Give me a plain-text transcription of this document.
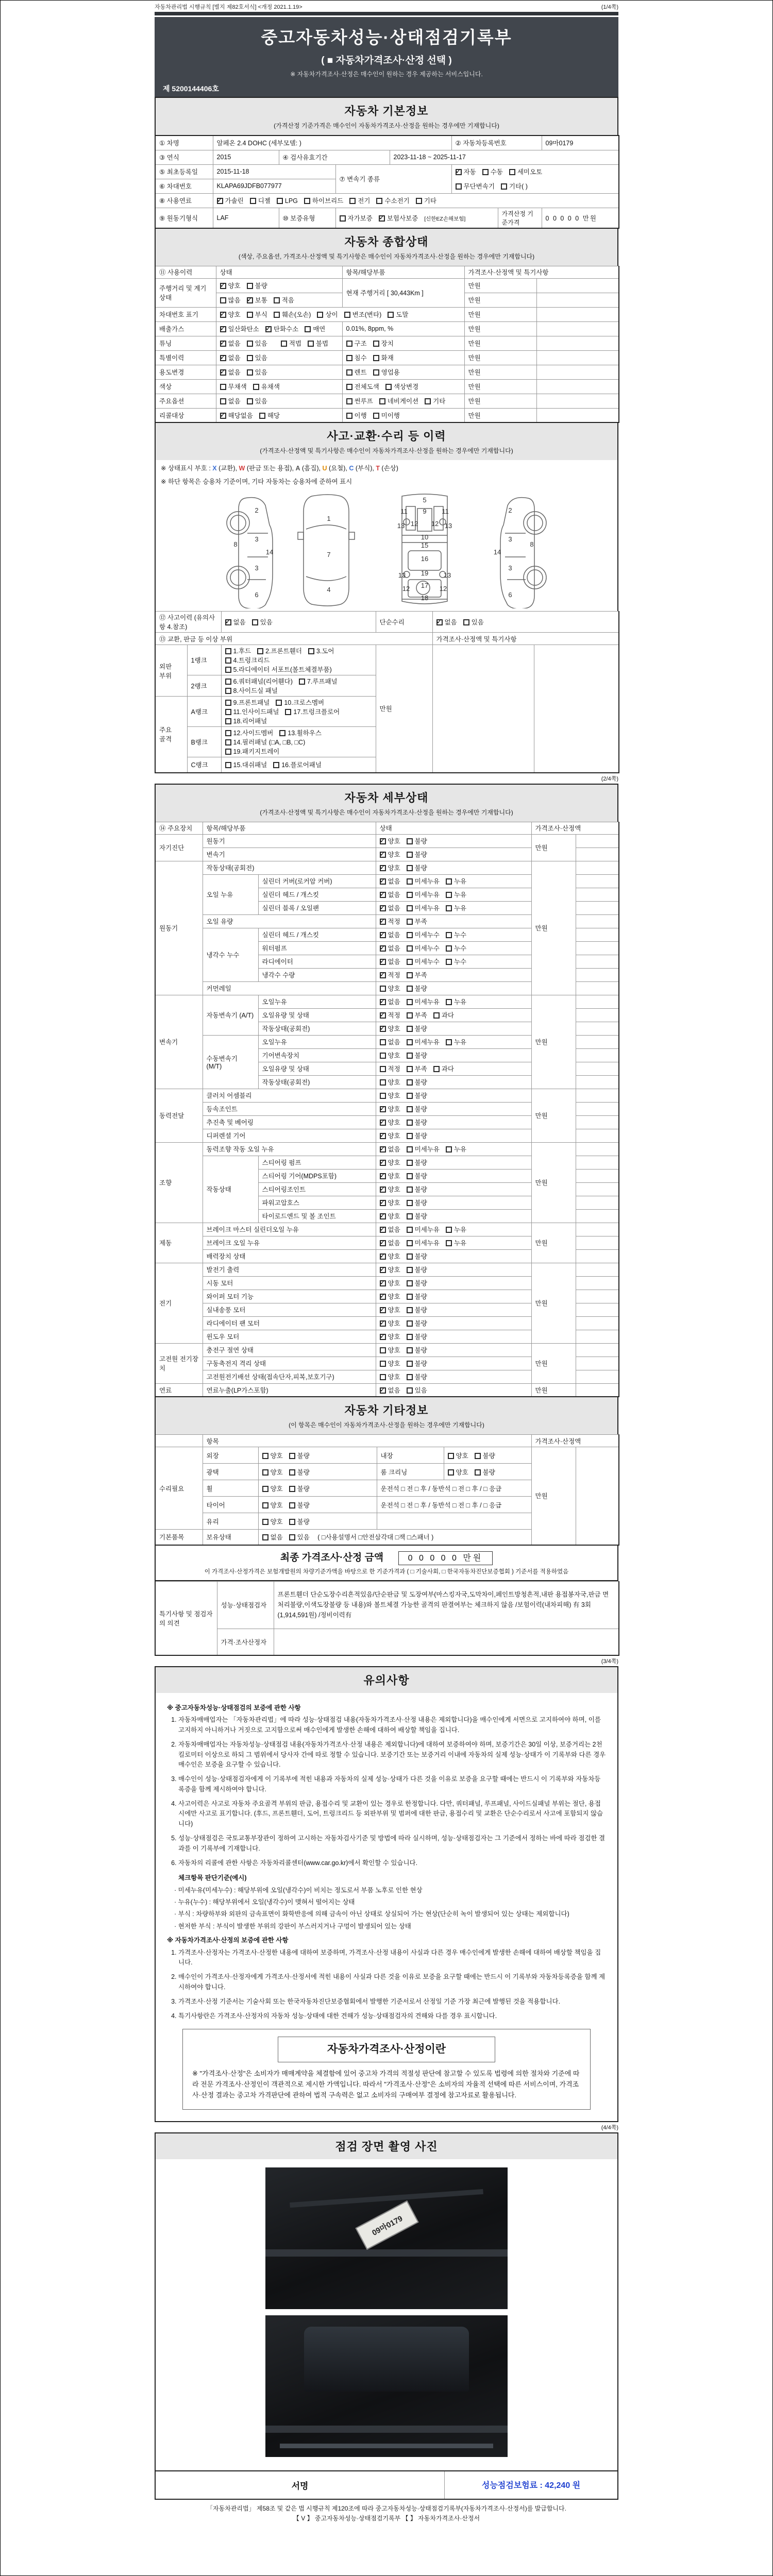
자동차관리법 시행규칙 [별지 제82호서식] <개정 2021.1.19>	(1/4쪽)
중고자동차성능·상태점검기록부
( ■ 자동차가격조사·산정 선택 )
※ 자동차가격조사·산정은 매수인이 원하는 경우 제공하는 서비스입니다.
제 5200144406호
자동차 기본정보
(가격산정 기준가격은 매수인이 자동차가격조사·산정을 원하는 경우에만 기재합니다)
① 차명	알페온 2.4 DOHC (세부모델: )				② 자동차등록번호		09마0179
③ 연식	2015	④ 검사유효기간		2023-11-18 ~ 2025-11-17			
⑤ 최초등록일	2015-11-18		⑦ 변속기 종류	✓자동 수동 세미오토
⑥ 차대번호	KLAPA69JDFB077977				무단변속기 기타( )		
⑧ 사용연료	✓가솔린 디젤 LPG 하이브리드 전기 수소전기 기타
⑨ 원동기형식	LAF	⑩ 보증유형	자가보증 ✓ 보험사보증 [신한EZ손해보험]			가격산정 기준가격	0 0 0 0 0 만원
자동차 종합상태
(색상, 주요옵션, 가격조사·산정액 및 특기사항은 매수인이 자동차가격조사·산정을 원하는 경우에만 기재합니다)
⑪ 사용이력	상태	항목/해당부품	가격조사·산정액 및 특기사항	
주행거리 및 계기상태	✓양호 불량	현재 주행거리 [ 30,443Km ]	만원	
	많음 ✓ 보통 적음		만원	
차대번호 표기	✓양호 부식 훼손(오손) 상이 변조(변타) 도말		만원	
배출가스	✓일산화탄소 ✓ 탄화수소 매연	0.01%, 8ppm, %	만원	
튜닝	✓없음 있음 적법 불법	구조 장치	만원	
특별이력	✓없음 있음	침수 화재	만원	
용도변경	✓없음 있음	렌트 영업용	만원	
색상	무채색 유채색	전체도색 색상변경	만원	
주요옵션	없음 있음	썬루프 네비게이션 기타	만원	
리콜대상	✓해당없음 해당	이행 미이행	만원	
사고·교환·수리 등 이력
(가격조사·산정액 및 특기사항은 매수인이 자동차가격조사·산정을 원하는 경우에만 기재합니다)
※ 상태표시 부호 : X (교환), W (판금 또는 용접), A (흠집), U (요철), C (부식), T (손상)
※ 하단 항목은 승용차 기준이며, 기타 자동차는 승용차에 준하여 표시
2
8
3
14
3
6
1
7
4
5
11 9 11
13 12 12 13
10
15
16
13 19 13
12 17 12
18
2
3
8
14
3
6
⑫ 사고이력 (유의사항 4.참조)	✓없음 있음	단순수리	✓없음 있음
⑬ 교환, 판금 등 이상 부위				가격조사·산정액 및 특기사항
외판
부위	1랭크	1.후드 2.프론트휀더 3.도어4.트렁크리드5.라디에이터 서포트(볼트체결부품)	만원	
	2랭크	6.쿼터패널(리어휀다) 7.루프패널8.사이드실 패널		
주요
골격	A랭크	9.프론트패널 10.크로스멤버11.인사이드패널 17.트렁크플로어18.리어패널		
	B랭크	12.사이드멤버 13.휠하우스14.필러패널 (□A, □B, □C)19.패키지트레이		
	C랭크	15.대쉬패널 16.플로어패널		
(2/4쪽)
자동차 세부상태
(가격조사·산정액 및 특기사항은 매수인이 자동차가격조사·산정을 원하는 경우에만 기재합니다)
⑭ 주요장치	항목/해당부품		상태	가격조사·산정액	
자기진단	원동기	✓양호 불량	만원	
	변속기	✓양호 불량	
원동기	작동상태(공회전)	✓양호 불량	만원	
	오일 누유	실린더 커버(로커암 커버)	✓없음 미세누유 누유	
		실린더 헤드 / 개스킷	✓없음 미세누유 누유	
		실린더 블록 / 오일팬	✓없음 미세누유 누유	
	오일 유량	✓적정 부족	
	냉각수 누수	실린더 헤드 / 개스킷	✓없음 미세누수 누수	
		워터펌프	✓없음 미세누수 누수	
		라디에이터	✓없음 미세누수 누수	
		냉각수 수량	✓적정 부족	
	커먼레일		양호 불량		
변속기	자동변속기 (A/T)	오일누유	✓없음 미세누유 누유	만원	
		오일유량 및 상태	✓적정 부족 과다	
		작동상태(공회전)	✓양호 불량	
	수동변속기 (M/T)	오일누유	없음 미세누유 누유		
		기어변속장치	양호 불량		
		오일유량 및 상태	적정 부족 과다		
		작동상태(공회전)	양호 불량		
동력전달	클러치 어셈블리		양호 불량	만원	
	등속조인트	✓양호 불량	
	추진축 및 베어링	✓양호 불량	
	디퍼렌셜 기어	✓양호 불량	
조향	동력조향 작동 오일 누유	✓없음 미세누유 누유	만원	
	작동상태	스티어링 펌프	✓양호 불량	
		스티어링 기어(MDPS포함)	✓양호 불량	
		스티어링조인트	✓양호 불량	
		파워고압호스	✓양호 불량	
		타이로드엔드 및 볼 조인트	✓양호 불량	
제동	브레이크 마스터 실린더오일 누유	✓없음 미세누유 누유	만원	
	브레이크 오일 누유	✓없음 미세누유 누유	
	배력장치 상태	✓양호 불량	
전기	발전기 출력	✓양호 불량	만원	
	시동 모터	✓양호 불량	
	와이퍼 모터 기능	✓양호 불량	
	실내송풍 모터	✓양호 불량	
	라디에이터 팬 모터	✓양호 불량	
	윈도우 모터	✓양호 불량	
고전원 전기장치	충전구 절연 상태		양호 불량	만원	
	구동축전지 격리 상태		양호 불량		
	고전원전기배선 상태(접속단자,피복,보호기구)		양호 불량		
연료	연료누출(LP가스포함)	✓없음 있음	만원	
자동차 기타정보
(이 항목은 매수인이 자동차가격조사·산정을 원하는 경우에만 기재합니다)
	항목				가격조사·산정액	
수리필요	외장	양호 불량	내장	양호 불량	만원	
	광택	양호 불량	룸 크리닝	양호 불량		
	휠	양호 불량	운전석 □ 전 □ 후 / 동반석 □ 전 □ 후 / □ 응급			
	타이어	양호 불량	운전석 □ 전 □ 후 / 동반석 □ 전 □ 후 / □ 응급			
	유리	양호 불량				
기본품목	보유상태	없음 있음 ( □사용설명서 □안전삼각대 □잭 □스패너 )				
최종 가격조사·산정 금액	0 0 0 0 0 만원
이 가격조사·산정가격은 보험개발원의 차량기준가액을 바탕으로 한 기준가격과 ( □ 기술사회, □ 한국자동차진단보증협회 ) 기준서를 적용하였음
특기사항 및 점검자의 의견	성능·상태점검자	프론트휀더 단순도장수리흔적있음/단순판금 및 도장여부(마스킹자국,도막차이,페인트방청흔적,내판 용접봉자국,판금 면처리불량,이색도장불량 등 내용)와 볼트체결 가능한 골격의 판결여부는 체크하지 않음 /보험이력(내차피해) 有 3회 (1,914,591원) /정비이력有
	가격·조사산정자	
(3/4쪽)
유의사항
※ 중고자동차성능·상태점검의 보증에 관한 사항
1. 자동차매매업자는 「자동차관리법」에 따라 성능·상태점검 내용(자동차가격조사·산정 내용은 제외합니다)을 매수인에게 서면으로 고지하여야 하며, 이를 고지하지 아니하거나 거짓으로 고지함으로써 매수인에게 발생한 손해에 대하여 배상할 책임을 집니다.
2. 자동차매매업자는 자동차성능·상태점검 내용(자동차가격조사·산정 내용은 제외합니다)에 대하여 보증하여야 하며, 보증기간은 30일 이상, 보증거리는 2천킬로미터 이상으로 하되 그 범위에서 당사자 간에 따로 정할 수 있습니다. 보증기간 또는 보증거리 이내에 자동차의 실제 성능·상태가 이 기록부와 다른 경우 매수인은 보증을 요구할 수 있습니다.
3. 매수인이 성능·상태점검자에게 이 기록부에 적힌 내용과 자동차의 실제 성능·상태가 다른 것을 이유로 보증을 요구할 때에는 반드시 이 기록부와 자동차등록증을 함께 제시하여야 합니다.
4. 사고이력은 사고로 자동차 주요골격 부위의 판금, 용접수리 및 교환이 있는 경우로 한정합니다. 다만, 쿼터패널, 루프패널, 사이드실패널 부위는 절단, 용접 시에만 사고로 표기합니다. (후드, 프론트휀더, 도어, 트렁크리드 등 외판부위 및 범퍼에 대한 판금, 용접수리 및 교환은 단순수리로서 사고에 포함되지 않습니다)
5. 성능·상태점검은 국토교통부장관이 정하여 고시하는 자동차검사기준 및 방법에 따라 실시하며, 성능·상태점검자는 그 기준에서 정하는 바에 따라 점검한 결과를 이 기록부에 기재합니다.
6. 자동차의 리콜에 관한 사항은 자동차리콜센터(www.car.go.kr)에서 확인할 수 있습니다.
체크항목 판단기준(예시)
· 미세누유(미세누수) : 해당부위에 오일(냉각수)이 비치는 정도로서 부품 노후로 인한 현상
· 누유(누수) : 해당부위에서 오일(냉각수)이 맺혀서 떨어지는 상태
· 부식 : 차량하부와 외판의 금속표면이 화학반응에 의해 금속이 아닌 상태로 상실되어 가는 현상(단순히 녹이 발생되어 있는 상태는 제외합니다)
· 현저한 부식 : 부식이 발생한 부위의 강판이 부스러지거나 구멍이 발생되어 있는 상태
※ 자동차가격조사·산정의 보증에 관한 사항
1. 가격조사·산정자는 가격조사·산정한 내용에 대하여 보증하며, 가격조사·산정 내용이 사실과 다른 경우 매수인에게 발생한 손해에 대하여 배상할 책임을 집니다.
2. 매수인이 가격조사·산정자에게 가격조사·산정서에 적힌 내용이 사실과 다른 것을 이유로 보증을 요구할 때에는 반드시 이 기록부와 자동차등록증을 함께 제시하여야 합니다.
3. 가격조사·산정 기준서는 기술사회 또는 한국자동차진단보증협회에서 발행한 기준서로서 산정일 기준 가장 최근에 발행된 것을 적용합니다.
4. 특기사항란은 가격조사·산정자의 자동차 성능·상태에 대한 견해가 성능·상태점검자의 견해와 다를 경우 표시합니다.
자동차가격조사·산정이란
※ "가격조사·산정"은 소비자가 매매계약을 체결함에 있어 중고차 가격의 적절성 판단에 참고할 수 있도록 법령에 의한 절차와 기준에 따라 전문 가격조사·산정인이 객관적으로 제시한 가액입니다. 따라서 "가격조사·산정"은 소비자의 자율적 선택에 따른 서비스이며, 가격조사·산정 결과는 중고차 가격판단에 관하여 법적 구속력은 없고 소비자의 구매여부 결정에 참고자료로 활용됩니다.
(4/4쪽)
점검 장면 촬영 사진
09마0179
서명	성능점검보험료 : 42,240 원
「자동차관리법」 제58조 및 같은 법 시행규칙 제120조에 따라 중고자동차성능·상태점검기록부(자동차가격조사·산정서)를 발급합니다.
【 V 】 중고자동차성능·상태점검기록부 【 】 자동차가격조사·산정서
